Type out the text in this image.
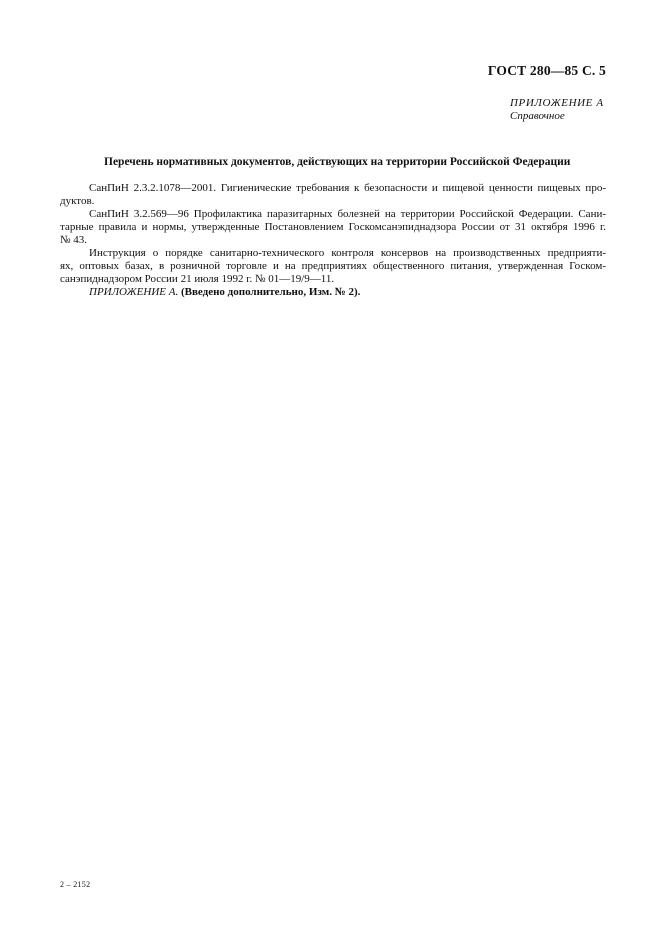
ГОСТ 280—85 С. 5
ПРИЛОЖЕНИЕ А
Справочное
Перечень нормативных документов, действующих на территории Российской Федерации
СанПиН 2.3.2.1078—2001. Гигиенические требования к безопасности и пищевой ценности пищевых про-
дуктов.
СанПиН 3.2.569—96 Профилактика паразитарных болезней на территории Российской Федерации. Сани-
тарные правила и нормы, утвержденные Постановлением Госкомсанэпиднадзора России от 31 октября 1996 г.
№ 43.
Инструкция о порядке санитарно-технического контроля консервов на производственных предприяти-
ях, оптовых базах, в розничной торговле и на предприятиях общественного питания, утвержденная Госком-
санэпиднадзором России 21 июля 1992 г. № 01—19/9—11.
ПРИЛОЖЕНИЕ А. (Введено дополнительно, Изм. № 2).
2 – 2152
